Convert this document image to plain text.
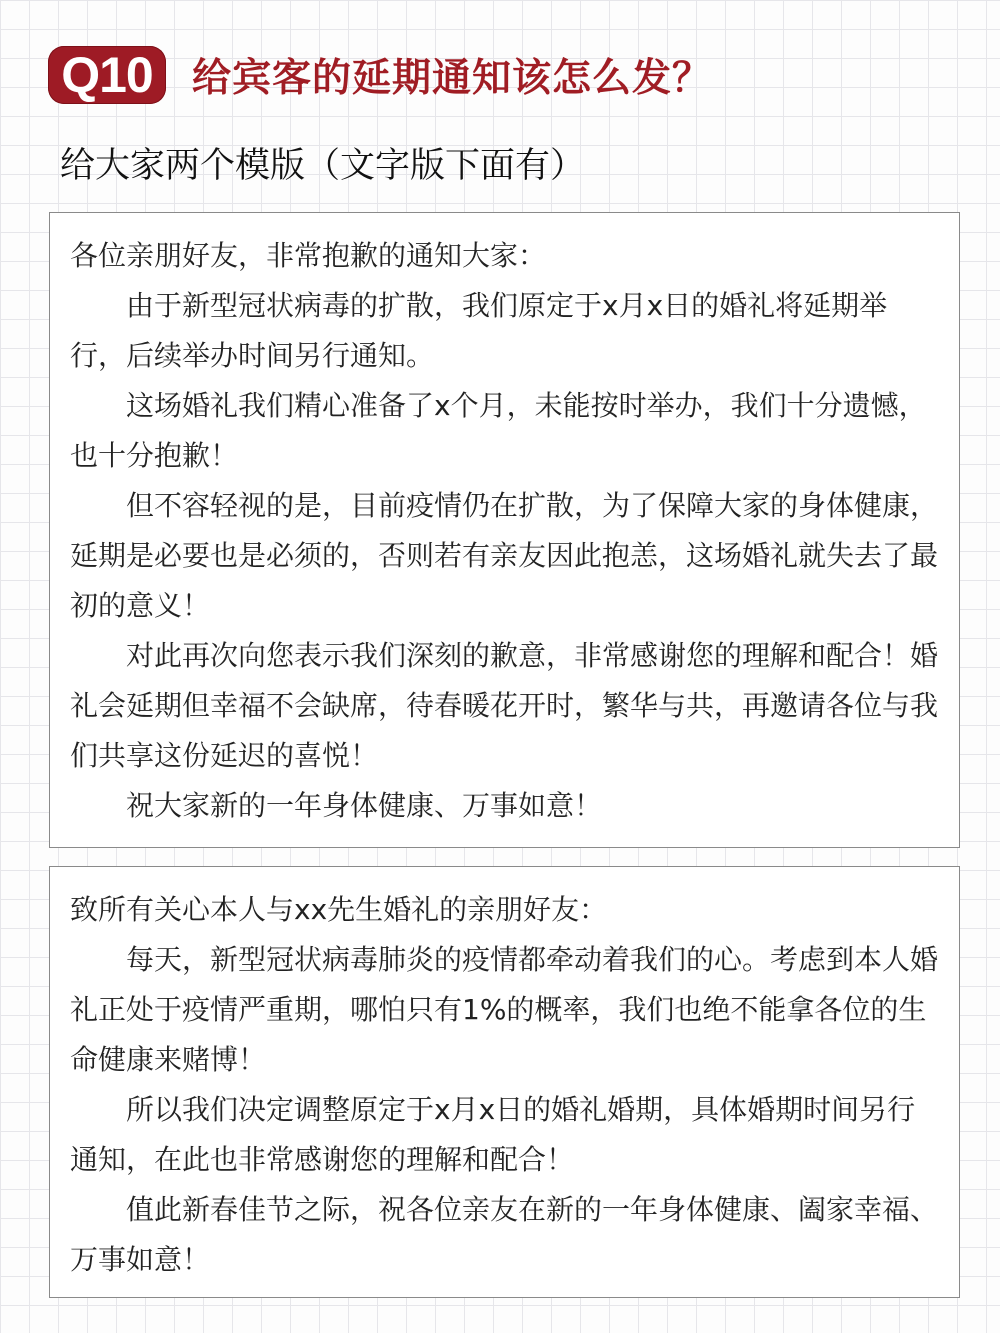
Q10	给宾客的延期通知该怎么发？
给大家两个模版（文字版下面有）

各位亲朋好友，非常抱歉的通知大家：

由于新型冠状病毒的扩散，我们原定于x月x日的婚礼将延期举行，后续举办时间另行通知。

这场婚礼我们精心准备了x个月，未能按时举办，我们十分遗憾，也十分抱歉！

但不容轻视的是，目前疫情仍在扩散，为了保障大家的身体健康，延期是必要也是必须的，否则若有亲友因此抱恙，这场婚礼就失去了最初的意义！

对此再次向您表示我们深刻的歉意，非常感谢您的理解和配合！婚礼会延期但幸福不会缺席，待春暖花开时，繁华与共，再邀请各位与我们共享这份延迟的喜悦！

祝大家新的一年身体健康、万事如意！

致所有关心本人与xx先生婚礼的亲朋好友：

每天，新型冠状病毒肺炎的疫情都牵动着我们的心。考虑到本人婚礼正处于疫情严重期，哪怕只有1%的概率，我们也绝不能拿各位的生命健康来赌博！

所以我们决定调整原定于x月x日的婚礼婚期，具体婚期时间另行通知，在此也非常感谢您的理解和配合！

值此新春佳节之际，祝各位亲友在新的一年身体健康、阖家幸福、万事如意！
